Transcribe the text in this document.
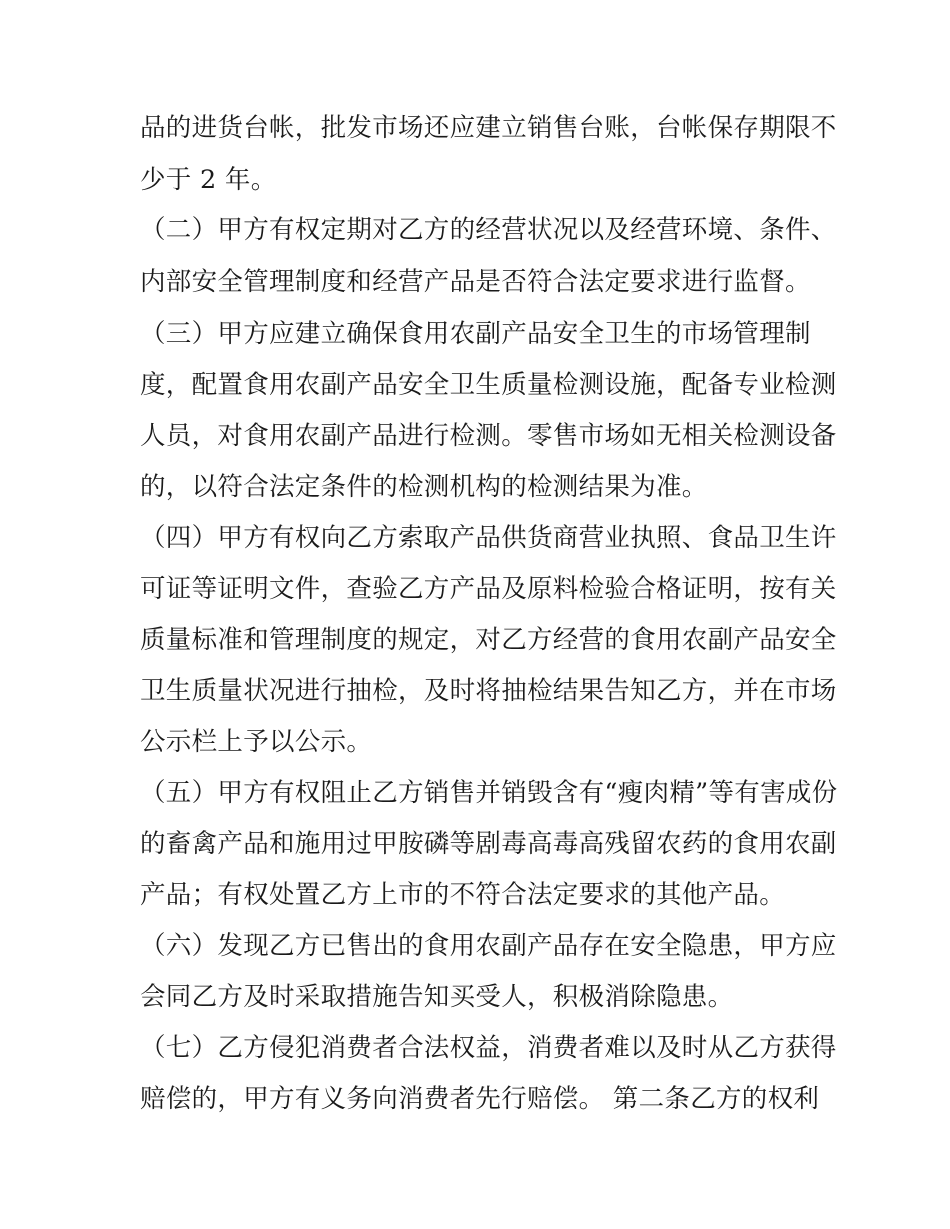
品的进货台帐，批发市场还应建立销售台账，台帐保存期限不
少于 2 年。
（二）甲方有权定期对乙方的经营状况以及经营环境、条件、
内部安全管理制度和经营产品是否符合法定要求进行监督。
（三）甲方应建立确保食用农副产品安全卫生的市场管理制
度，配置食用农副产品安全卫生质量检测设施，配备专业检测
人员，对食用农副产品进行检测。零售市场如无相关检测设备
的，以符合法定条件的检测机构的检测结果为准。
（四）甲方有权向乙方索取产品供货商营业执照、食品卫生许
可证等证明文件，查验乙方产品及原料检验合格证明，按有关
质量标准和管理制度的规定，对乙方经营的食用农副产品安全
卫生质量状况进行抽检，及时将抽检结果告知乙方，并在市场
公示栏上予以公示。
（五）甲方有权阻止乙方销售并销毁含有“瘦肉精”等有害成份
的畜禽产品和施用过甲胺磷等剧毒高毒高残留农药的食用农副
产品；有权处置乙方上市的不符合法定要求的其他产品。
（六）发现乙方已售出的食用农副产品存在安全隐患，甲方应
会同乙方及时采取措施告知买受人，积极消除隐患。
（七）乙方侵犯消费者合法权益，消费者难以及时从乙方获得
赔偿的，甲方有义务向消费者先行赔偿。 第二条乙方的权利
